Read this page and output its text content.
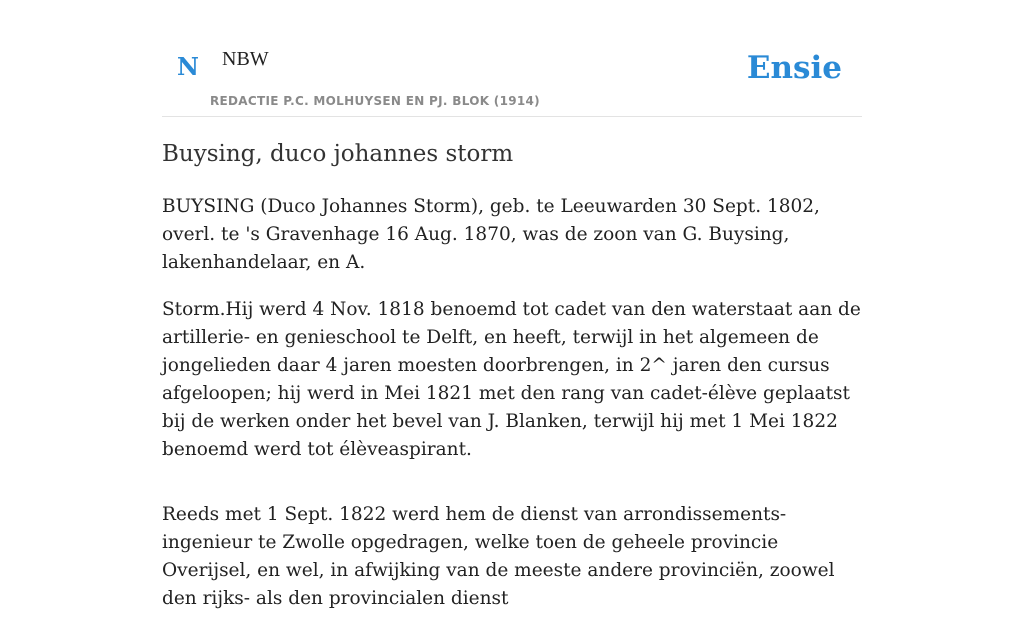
N NBW
REDACTIE P.C. MOLHUYSEN EN PJ. BLOK (1914)
Ensie
Buysing, duco johannes storm

BUYSING (Duco Johannes Storm), geb. te Leeuwarden 30 Sept. 1802, overl. te 's Gravenhage 16 Aug. 1870, was de zoon van G. Buysing, lakenhandelaar, en A.

Storm.Hij werd 4 Nov. 1818 benoemd tot cadet van den waterstaat aan de artillerie- en genieschool te Delft, en heeft, terwijl in het algemeen de jongelieden daar 4 jaren moesten doorbrengen, in 2^ jaren den cursus afgeloopen; hij werd in Mei 1821 met den rang van cadet-élève geplaatst bij de werken onder het bevel van J. Blanken, terwijl hij met 1 Mei 1822 benoemd werd tot élèveaspirant.

Reeds met 1 Sept. 1822 werd hem de dienst van arrondissements-ingenieur te Zwolle opgedragen, welke toen de geheele provincie Overijsel, en wel, in afwijking van de meeste andere provinciën, zoowel den rijks- als den provincialen dienst
